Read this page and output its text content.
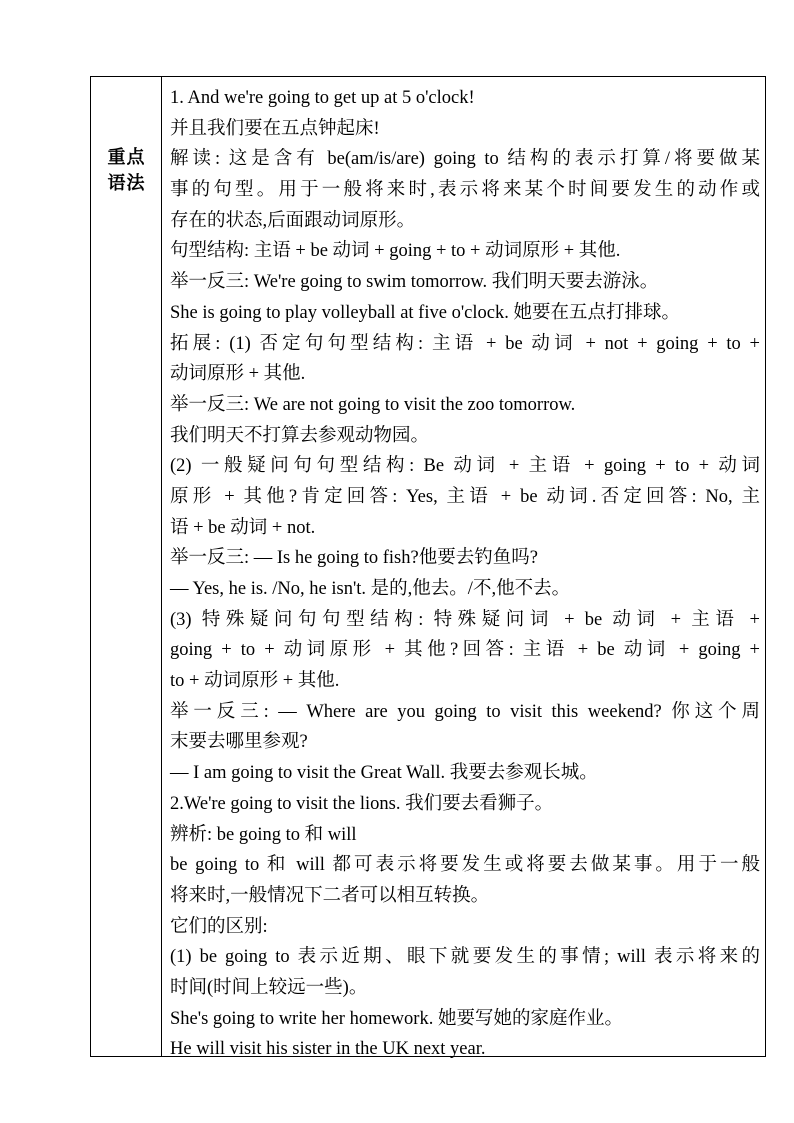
重点
语法
1. And we're going to get up at 5 o'clock!
并且我们要在五点钟起床!
解读: 这是含有 be(am/is/are) going to 结构的表示打算/将要做某
事的句型。用于一般将来时,表示将来某个时间要发生的动作或
存在的状态,后面跟动词原形。
句型结构: 主语 + be 动词 + going + to + 动词原形 + 其他.
举一反三: We're going to swim tomorrow. 我们明天要去游泳。
She is going to play volleyball at five o'clock. 她要在五点打排球。
拓展: (1) 否定句句型结构: 主语 + be 动词 + not + going + to +
动词原形 + 其他.
举一反三: We are not going to visit the zoo tomorrow.
我们明天不打算去参观动物园。
(2) 一般疑问句句型结构: Be 动词 + 主语 + going + to + 动词
原形 + 其他?肯定回答: Yes, 主语 + be 动词.否定回答: No, 主
语 + be 动词 + not.
举一反三: — Is he going to fish?他要去钓鱼吗?
— Yes, he is. /No, he isn't. 是的,他去。/不,他不去。
(3) 特殊疑问句句型结构: 特殊疑问词 + be 动词 + 主语 +
going + to + 动词原形 + 其他?回答: 主语 + be 动词 + going +
to + 动词原形 + 其他.
举一反三: — Where are you going to visit this weekend? 你这个周
末要去哪里参观?
— I am going to visit the Great Wall. 我要去参观长城。
2.We're going to visit the lions. 我们要去看狮子。
辨析: be going to 和 will
be going to 和 will 都可表示将要发生或将要去做某事。用于一般
将来时,一般情况下二者可以相互转换。
它们的区别:
(1) be going to 表示近期、眼下就要发生的事情; will 表示将来的
时间(时间上较远一些)。
She's going to write her homework. 她要写她的家庭作业。
He will visit his sister in the UK next year.
